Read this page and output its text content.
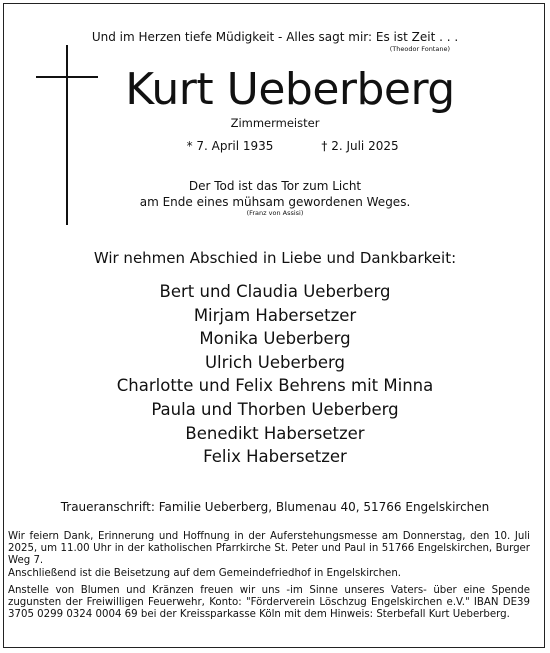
Und im Herzen tiefe Müdigkeit - Alles sagt mir: Es ist Zeit . . .
(Theodor Fontane)
Kurt Ueberberg
Zimmermeister
* 7. April 1935	† 2. Juli 2025
Der Tod ist das Tor zum Licht
am Ende eines mühsam gewordenen Weges.
(Franz von Assisi)
Wir nehmen Abschied in Liebe und Dankbarkeit:
Bert und Claudia Ueberberg
Mirjam Habersetzer
Monika Ueberberg
Ulrich Ueberberg
Charlotte und Felix Behrens mit Minna
Paula und Thorben Ueberberg
Benedikt Habersetzer
Felix Habersetzer
Traueranschrift: Familie Ueberberg, Blumenau 40, 51766 Engelskirchen
Wir feiern Dank, Erinnerung und Hoffnung in der Auferstehungsmesse am Donnerstag, den 10. Juli 2025, um 11.00 Uhr in der katholischen Pfarrkirche St. Peter und Paul in 51766 Engelskirchen, Burger Weg 7.
Anschließend ist die Beisetzung auf dem Gemeindefriedhof in Engelskirchen.
Anstelle von Blumen und Kränzen freuen wir uns -im Sinne unseres Vaters- über eine Spende zugunsten der Freiwilligen Feuerwehr, Konto: "Förderverein Löschzug Engelskirchen e.V." IBAN DE39 3705 0299 0324 0004 69 bei der Kreissparkasse Köln mit dem Hinweis: Sterbefall Kurt Ueberberg.
